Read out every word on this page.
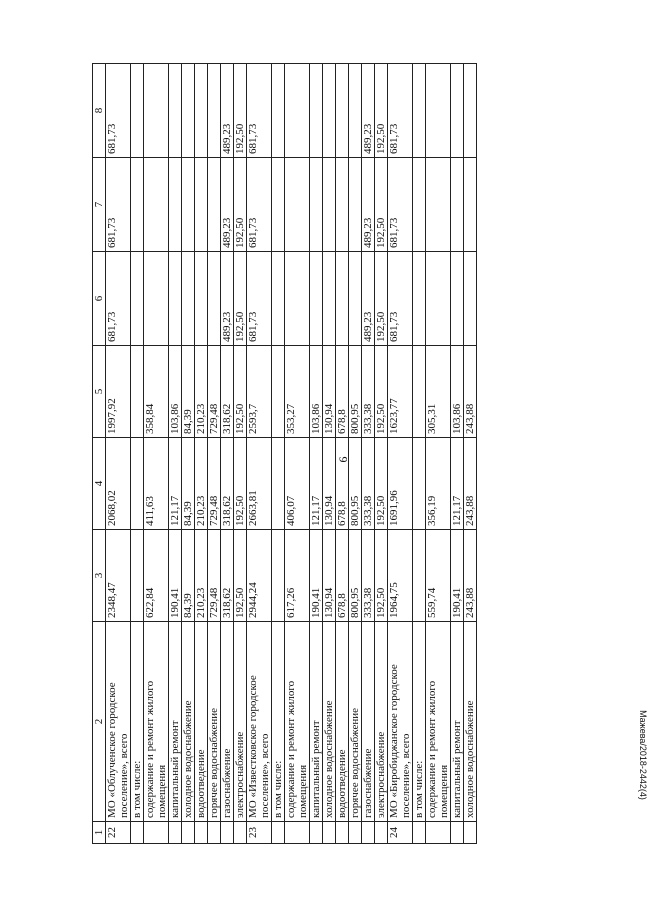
9
1	2	3	4	5	6	7	8
22	МО «Облученское городское поселение», всего	2348,47	2068,02	1997,92	681,73	681,73	681,73
	в том числе:						
	содержание и ремонт жилого помещения	622,84	411,63	358,84			
	капитальный ремонт	190,41	121,17	103,86			
	холодное водоснабжение	84,39	84,39	84,39			
	водоотведение	210,23	210,23	210,23			
	горячее водоснабжение	729,48	729,48	729,48			
	газоснабжение	318,62	318,62	318,62	489,23	489,23	489,23
	электроснабжение	192,50	192,50	192,50	192,50	192,50	192,50
23	МО «Известковское городское поселение», всего	2944,24	2663,81	2593,7	681,73	681,73	681,73
	в том числе:						
	содержание и ремонт жилого помещения	617,26	406,07	353,27			
	капитальный ремонт	190,41	121,17	103,86			
	холодное водоснабжение	130,94	130,94	130,94			
	водоотведение	678,8	678,8	678,8			
	горячее водоснабжение	800,95	800,95	800,95			
	газоснабжение	333,38	333,38	333,38	489,23	489,23	489,23
	электроснабжение	192,50	192,50	192,50	192,50	192,50	192,50
24	МО «Биробиджанское городское поселение», всего	1964,75	1691,96	1623,77	681,73	681,73	681,73
	в том числе:						
	содержание и ремонт жилого помещения	559,74	356,19	305,31			
	капитальный ремонт	190,41	121,17	103,86			
	холодное водоснабжение	243,88	243,88	243,88			
Мажева/2018-2442(4)
